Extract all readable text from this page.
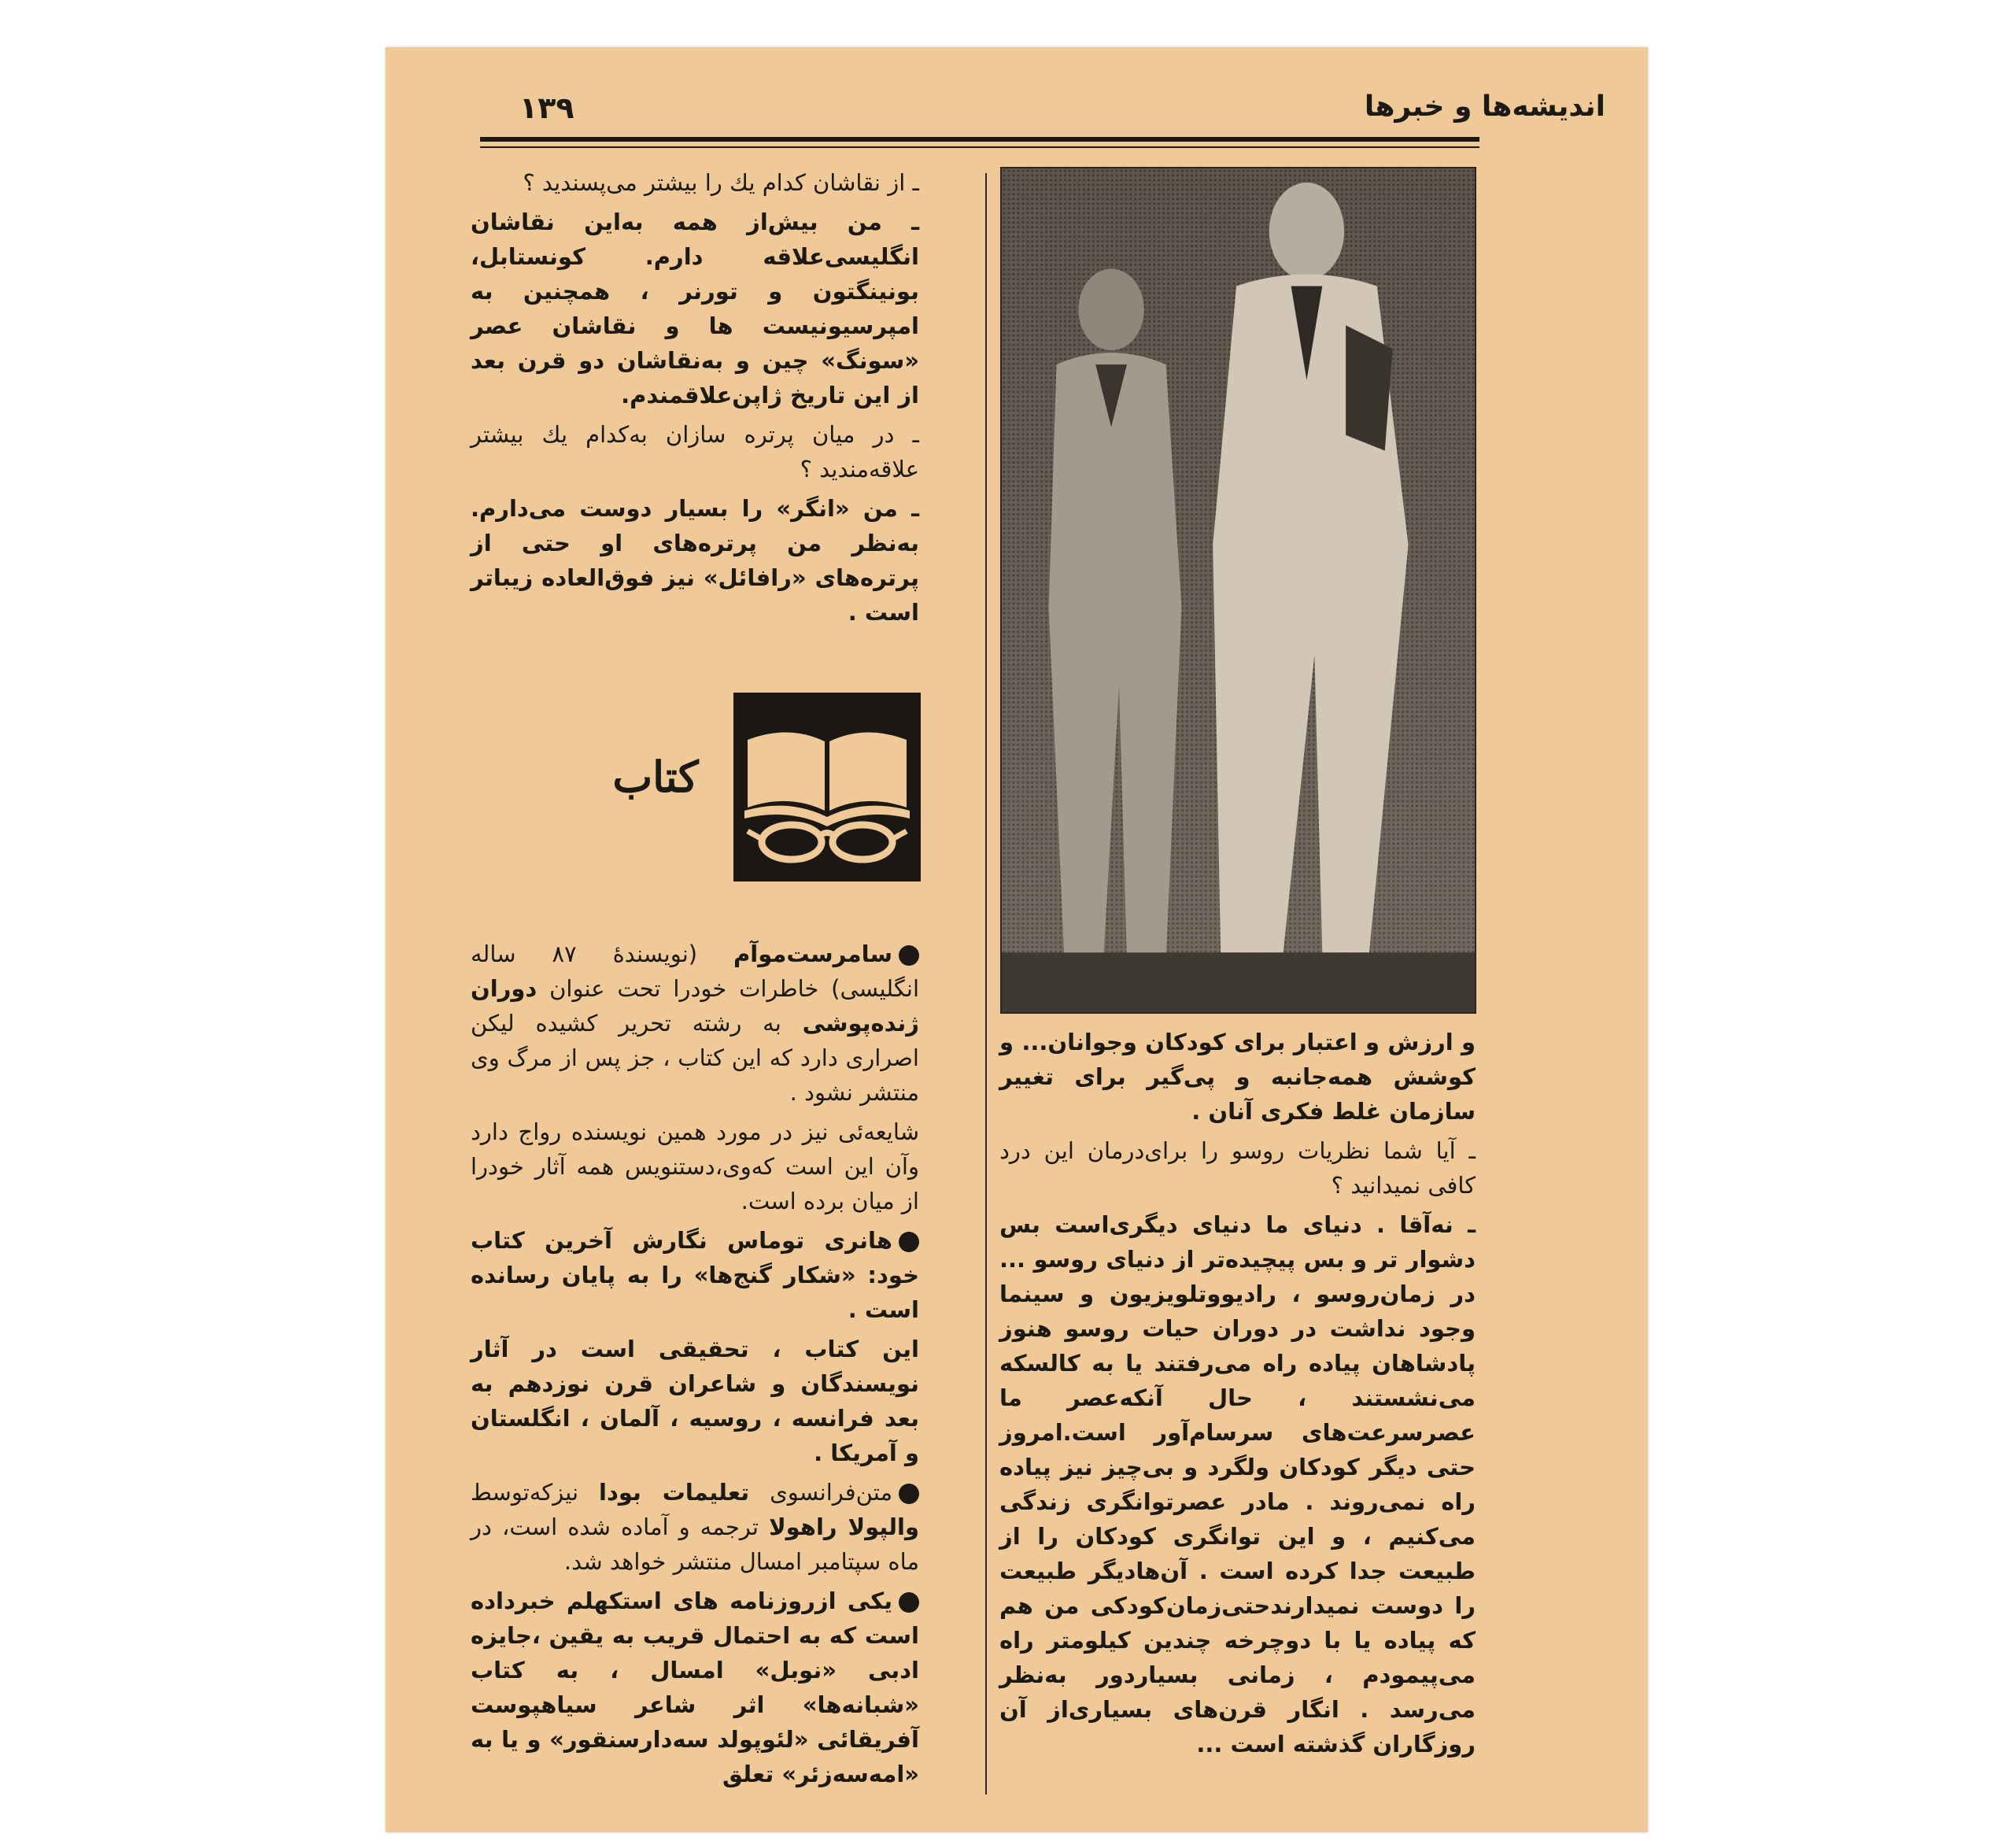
اندیشه‌ها و خبرها
۱۳۹

ـ از نقاشان کدام یك را بیشتر می‌پسندید ؟

ـ من بیش‌از همه به‌این نقاشان انگلیسی‌علاقه دارم. کونستابل، بونینگتون و تورنر ، همچنین به امپرسیونیست ها و نقاشان عصر «سونگ» چین و به‌نقاشان دو قرن بعد از این تاریخ ژاپن‌علاقمندم.

ـ در میان پرتره سازان به‌کدام یك بیشتر علاقه‌مندید ؟

ـ من «انگر» را بسیار دوست می‌دارم. به‌نظر من پرتره‌های او حتی از پرتره‌های «رافائل» نیز فوق‌العاده زیباتر است .

کتاب

سامرست‌موآم (نویسندهٔ ۸۷ ساله انگلیسی) خاطرات خودرا تحت عنوان دوران ژنده‌پوشی به رشته تحریر کشیده لیکن اصراری دارد که این کتاب ، جز پس از مرگ وی منتشر نشود .

شایعه‌ئی نیز در مورد همین نویسنده رواج دارد وآن این است که‌وی،دستنویس همه آثار خودرا از میان برده است.

هانری توماس نگارش آخرین کتاب خود: «شکار گنج‌ها» را به پایان رسانده است .

این کتاب ، تحقیقی است در آثار نویسندگان و شاعران قرن نوزدهم به بعد فرانسه ، روسیه ، آلمان ، انگلستان و آمریکا .

متن‌فرانسوی تعلیمات بودا نیزکه‌توسط والپولا راهولا ترجمه و آماده شده است، در ماه سپتامبر امسال منتشر خواهد شد.

یکی ازروزنامه های استکهلم خبرداده است که به احتمال قریب به یقین ،جایزه ادبی «نوبل» امسال ، به کتاب «شبانه‌ها» اثر شاعر سیاهپوست آفریقائی «لئوپولد سه‌دارسنقور» و یا به «امه‌سه‌زئر» تعلق

و ارزش و اعتبار برای کودکان وجوانان... و کوشش همه‌جانبه و پی‌گیر برای تغییر سازمان غلط فکری آنان .

ـ آیا شما نظریات روسو را برای‌درمان این درد کافی نمیدانید ؟

ـ نه‌آقا . دنیای ما دنیای دیگری‌است بس دشوار تر و بس پیچیده‌تر از دنیای روسو ... در زمان‌روسو ، رادیووتلویزیون و سینما وجود نداشت در دوران حیات روسو هنوز پادشاهان پیاده راه می‌رفتند یا به کالسکه می‌نشستند ، حال آنکه‌عصر ما عصرسرعت‌های سرسام‌آور است.امروز حتی دیگر کودکان ولگرد و بی‌چیز نیز پیاده راه نمی‌روند . مادر عصرتوانگری زندگی می‌کنیم ، و این توانگری کودکان را از طبیعت جدا کرده است . آن‌هادیگر طبیعت را دوست نمیدارندحتی‌زمان‌کودکی من هم که پیاده یا با دوچرخه چندین کیلومتر راه می‌پیمودم ، زمانی بسیاردور به‌نظر می‌رسد . انگار قرن‌های بسیاری‌از آن روزگاران گذشته است ...
